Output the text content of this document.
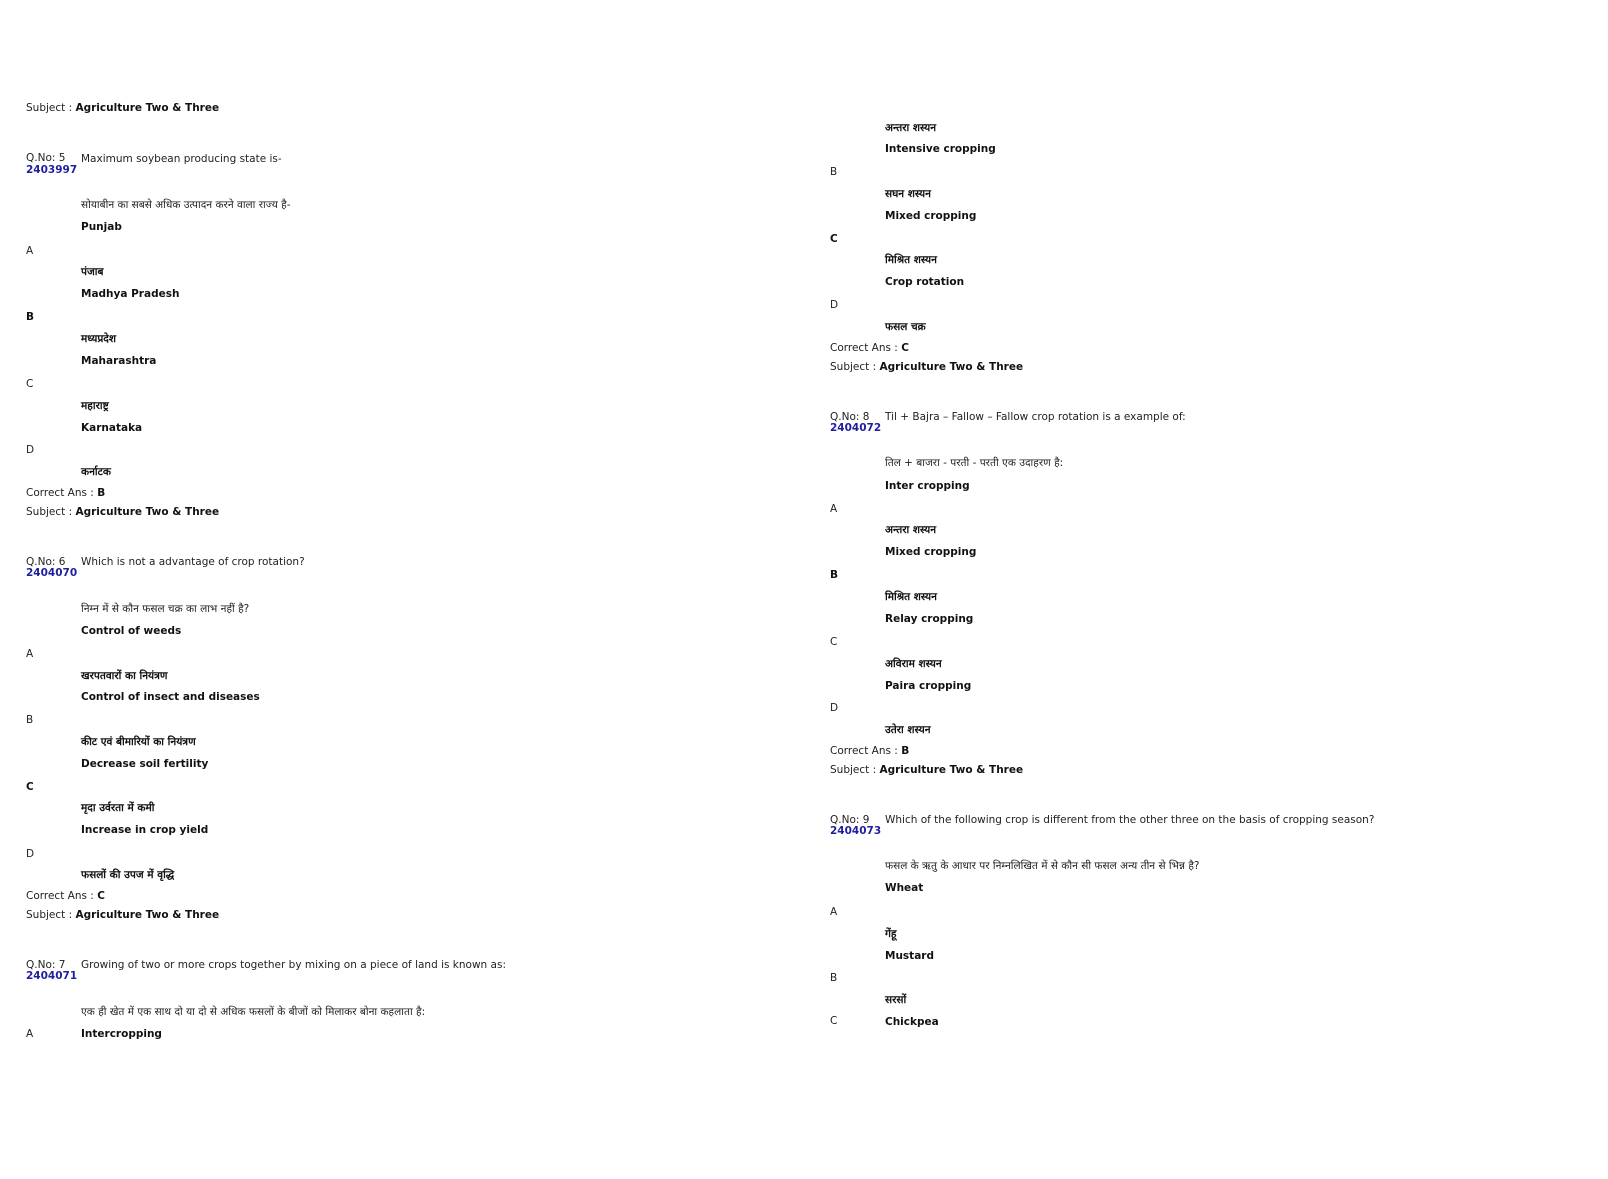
Subject : Agriculture Two & Three
Q.No: 5
2403997
Maximum soybean producing state is-
सोयाबीन का सबसे अधिक उत्पादन करने वाला राज्य है-
Punjab
A
पंजाब
Madhya Pradesh
B
मध्यप्रदेश
Maharashtra
C
महाराष्ट्र
Karnataka
D
कर्नाटक
Correct Ans : B
Subject : Agriculture Two & Three
Q.No: 6
2404070
Which is not a advantage of crop rotation?
निम्न में से कौन फसल चक्र का लाभ नहीं है?
Control of weeds
A
खरपतवारों का नियंत्रण
Control of insect and diseases
B
कीट एवं बीमारियों का नियंत्रण
Decrease soil fertility
C
मृदा उर्वरता में कमी
Increase in crop yield
D
फसलों की उपज में वृद्धि
Correct Ans : C
Subject : Agriculture Two & Three
Q.No: 7
2404071
Growing of two or more crops together by mixing on a piece of land is known as:
एक ही खेत में एक साथ दो या दो से अधिक फसलों के बीजों को मिलाकर बोना कहलाता है:
A	Intercropping
अन्तरा शस्यन
Intensive cropping
B
सघन शस्यन
Mixed cropping
C
मिश्रित शस्यन
Crop rotation
D
फसल चक्र
Correct Ans : C
Subject : Agriculture Two & Three
Q.No: 8
2404072
Til + Bajra – Fallow – Fallow crop rotation is a example of:
तिल + बाजरा - परती - परती एक उदाहरण है:
Inter cropping
A
अन्तरा शस्यन
Mixed cropping
B
मिश्रित शस्यन
Relay cropping
C
अविराम शस्यन
Paira cropping
D
उतेरा शस्यन
Correct Ans : B
Subject : Agriculture Two & Three
Q.No: 9
2404073
Which of the following crop is different from the other three on the basis of cropping season?
फसल के ऋतु के आधार पर निम्नलिखित में से कौन सी फसल अन्य तीन से भिन्न है?
Wheat
A
गेंहू
Mustard
B
सरसों
C	Chickpea
